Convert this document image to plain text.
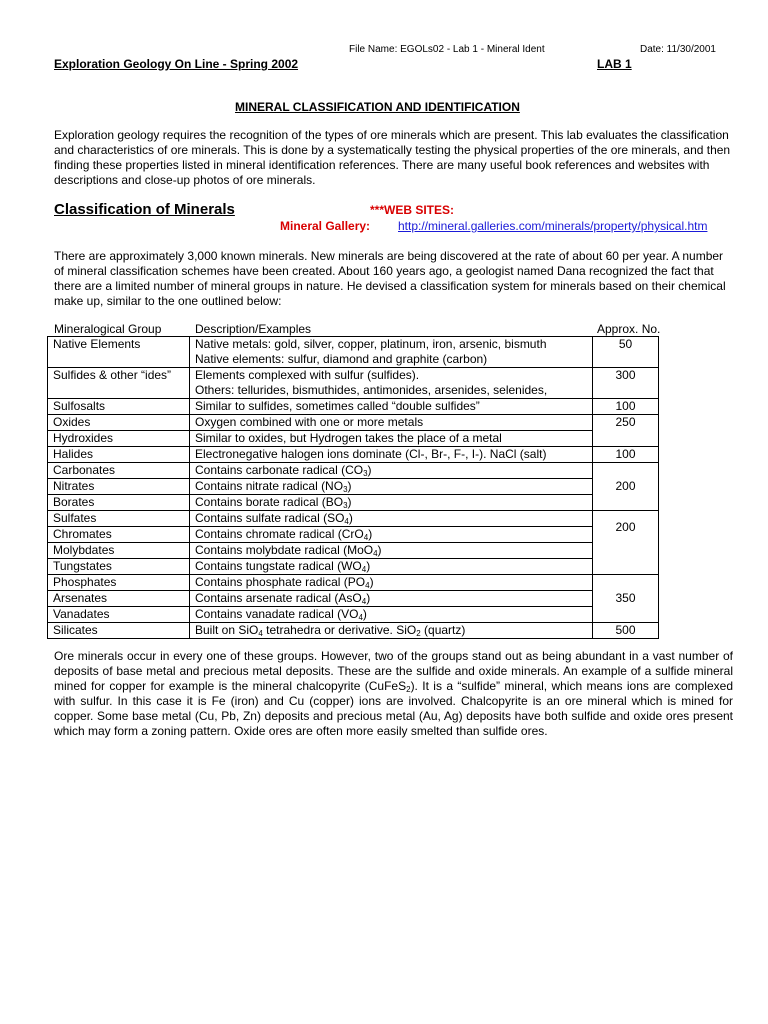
File Name: EGOLs02 - Lab 1 - Mineral Ident	Date: 11/30/2001
Exploration Geology On Line - Spring 2002	LAB 1
MINERAL CLASSIFICATION AND IDENTIFICATION
Exploration geology requires the recognition of the types of ore minerals which are present. This lab evaluates the classification and characteristics of ore minerals. This is done by a systematically testing the physical properties of the ore minerals, and then finding these properties listed in mineral identification references. There are many useful book references and websites with descriptions and close-up photos of ore minerals.
Classification of Minerals	***WEB SITES:
Mineral Gallery: http://mineral.galleries.com/minerals/property/physical.htm
There are approximately 3,000 known minerals. New minerals are being discovered at the rate of about 60 per year. A number of mineral classification schemes have been created. About 160 years ago, a geologist named Dana recognized the fact that there are a limited number of mineral groups in nature. He devised a classification system for minerals based on their chemical make up, similar to the one outlined below:
Mineralogical Group	Description/Examples	Approx. No.
Native Elements	Native metals: gold, silver, copper, platinum, iron, arsenic, bismuth
Native elements: sulfur, diamond and graphite (carbon)	50
Sulfides & other “ides”	Elements complexed with sulfur (sulfides).
Others: tellurides, bismuthides, antimonides, arsenides, selenides,	300
Sulfosalts	Similar to sulfides, sometimes called “double sulfides”	100
Oxides	Oxygen combined with one or more metals	250
Hydroxides	Similar to oxides, but Hydrogen takes the place of a metal	
Halides	Electronegative halogen ions dominate (Cl-, Br-, F-, I-). NaCl (salt)	100
Carbonates	Contains carbonate radical $(CO_3)$	200
Nitrates	Contains nitrate radical $(NO_3)$	
Borates	Contains borate radical $(BO_3)$	
Sulfates	Contains sulfate radical $(SO_4)$	200
Chromates	Contains chromate radical (CrO$_4$)	
Molybdates	Contains molybdate radical (MoO$_4$)	
Tungstates	Contains tungstate radical $(WO_4)$	
Phosphates	Contains phosphate radical $(PO_4)$	350
Arsenates	Contains arsenate radical (AsO$_4$)	
Vanadates	Contains vanadate radical $(VO_4)$	
Silicates	Built on SiO$_4$ tetrahedra or derivative. SiO$_2$ (quartz)	500
Ore minerals occur in every one of these groups. However, two of the groups stand out as being abundant in a vast number of deposits of base metal and precious metal deposits. These are the sulfide and oxide minerals. An example of a sulfide mineral mined for copper for example is the mineral chalcopyrite (CuFeS$_2$). It is a “sulfide” mineral, which means ions are complexed with sulfur. In this case it is Fe (iron) and Cu (copper) ions are involved. Chalcopyrite is an ore mineral which is mined for copper. Some base metal (Cu, Pb, Zn) deposits and precious metal (Au, Ag) deposits have both sulfide and oxide ores present which may form a zoning pattern. Oxide ores are often more easily smelted than sulfide ores.
